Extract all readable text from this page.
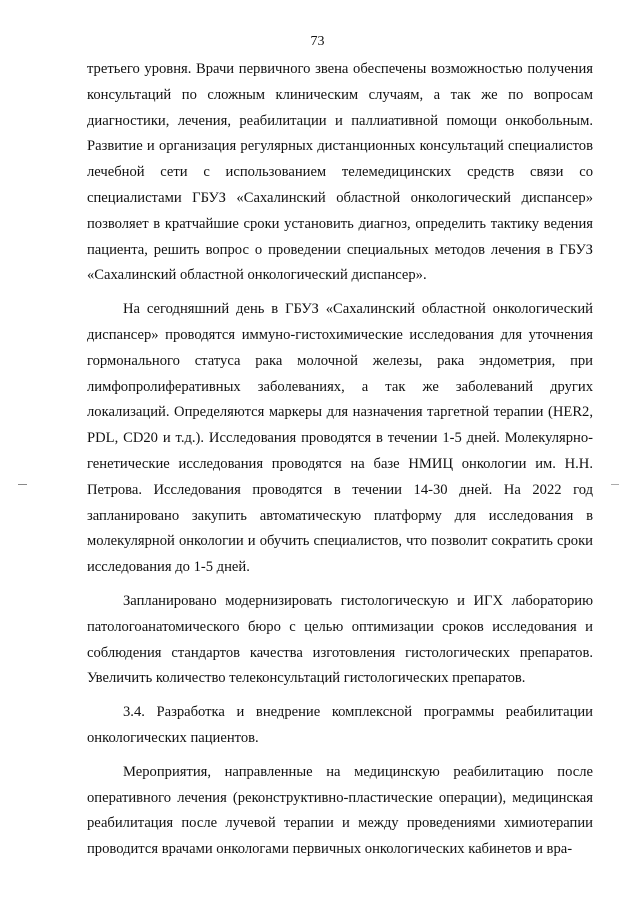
73

третьего уровня. Врачи первичного звена обеспечены возможностью получения консультаций по сложным клиническим случаям, а так же по вопросам диагностики, лечения, реабилитации и паллиативной помощи онкобольным. Развитие и организация регулярных дистанционных консультаций специалистов лечебной сети с использованием телемедицинских средств связи со специалистами ГБУЗ «Сахалинский областной онкологический диспансер» позволяет в кратчайшие сроки установить диагноз, определить тактику ведения пациента, решить вопрос о проведении специальных методов лечения в ГБУЗ «Сахалинский областной онкологический диспансер».

На сегодняшний день в ГБУЗ «Сахалинский областной онкологический диспансер» проводятся иммуно-гистохимические исследования для уточнения гормонального статуса рака молочной железы, рака эндометрия, при лимфопролиферативных заболеваниях, а так же заболеваний других локализаций. Определяются маркеры для назначения таргетной терапии (HER2, PDL, CD20 и т.д.). Исследования проводятся в течении 1-5 дней. Молекулярно-генетические исследования проводятся на базе НМИЦ онкологии им. Н.Н. Петрова. Исследования проводятся в течении 14-30 дней. На 2022 год запланировано закупить автоматическую платформу для исследования в молекулярной онкологии и обучить специалистов, что позволит сократить сроки исследования до 1-5 дней.

Запланировано модернизировать гистологическую и ИГХ лабораторию патологоанатомического бюро с целью оптимизации сроков исследования и соблюдения стандартов качества изготовления гистологических препаратов. Увеличить количество телеконсультаций гистологических препаратов.

3.4. Разработка и внедрение комплексной программы реабилитации онкологических пациентов.

Мероприятия, направленные на медицинскую реабилитацию после оперативного лечения (реконструктивно-пластические операции), медицинская реабилитация после лучевой терапии и между проведениями химиотерапии проводится врачами онкологами первичных онкологических кабинетов и вра-
